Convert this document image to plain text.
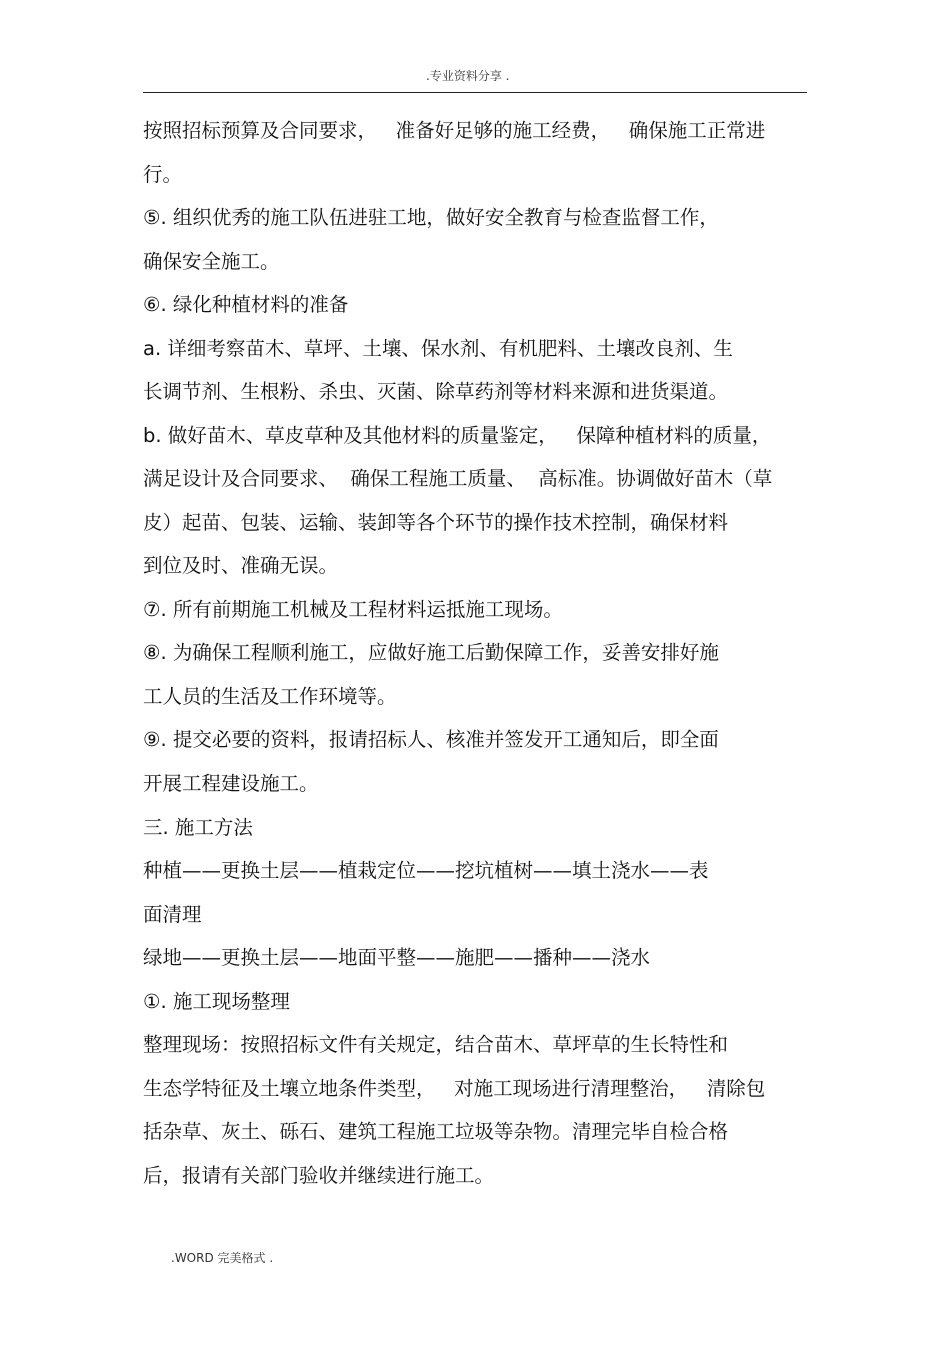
.专业资料分享 .
按照招标预算及合同要求，   准备好足够的施工经费，   确保施工正常进
行。
⑤. 组织优秀的施工队伍进驻工地，做好安全教育与检查监督工作，
确保安全施工。
⑥. 绿化种植材料的准备
a. 详细考察苗木、草坪、土壤、保水剂、有机肥料、土壤改良剂、生
长调节剂、生根粉、杀虫、灭菌、除草药剂等材料来源和进货渠道。
b. 做好苗木、草皮草种及其他材料的质量鉴定，   保障种植材料的质量，
满足设计及合同要求、  确保工程施工质量、  高标准。协调做好苗木（草
皮）起苗、包装、运输、装卸等各个环节的操作技术控制，确保材料
到位及时、准确无误。
⑦. 所有前期施工机械及工程材料运抵施工现场。
⑧. 为确保工程顺利施工，应做好施工后勤保障工作，妥善安排好施
工人员的生活及工作环境等。
⑨. 提交必要的资料，报请招标人、核准并签发开工通知后，即全面
开展工程建设施工。
三. 施工方法
种植——更换土层——植栽定位——挖坑植树——填土浇水——表
面清理
绿地——更换土层——地面平整——施肥——播种——浇水
①. 施工现场整理
整理现场：按照招标文件有关规定，结合苗木、草坪草的生长特性和
生态学特征及土壤立地条件类型，   对施工现场进行清理整治，   清除包
括杂草、灰土、砾石、建筑工程施工垃圾等杂物。清理完毕自检合格
后，报请有关部门验收并继续进行施工。
.WORD 完美格式 .
